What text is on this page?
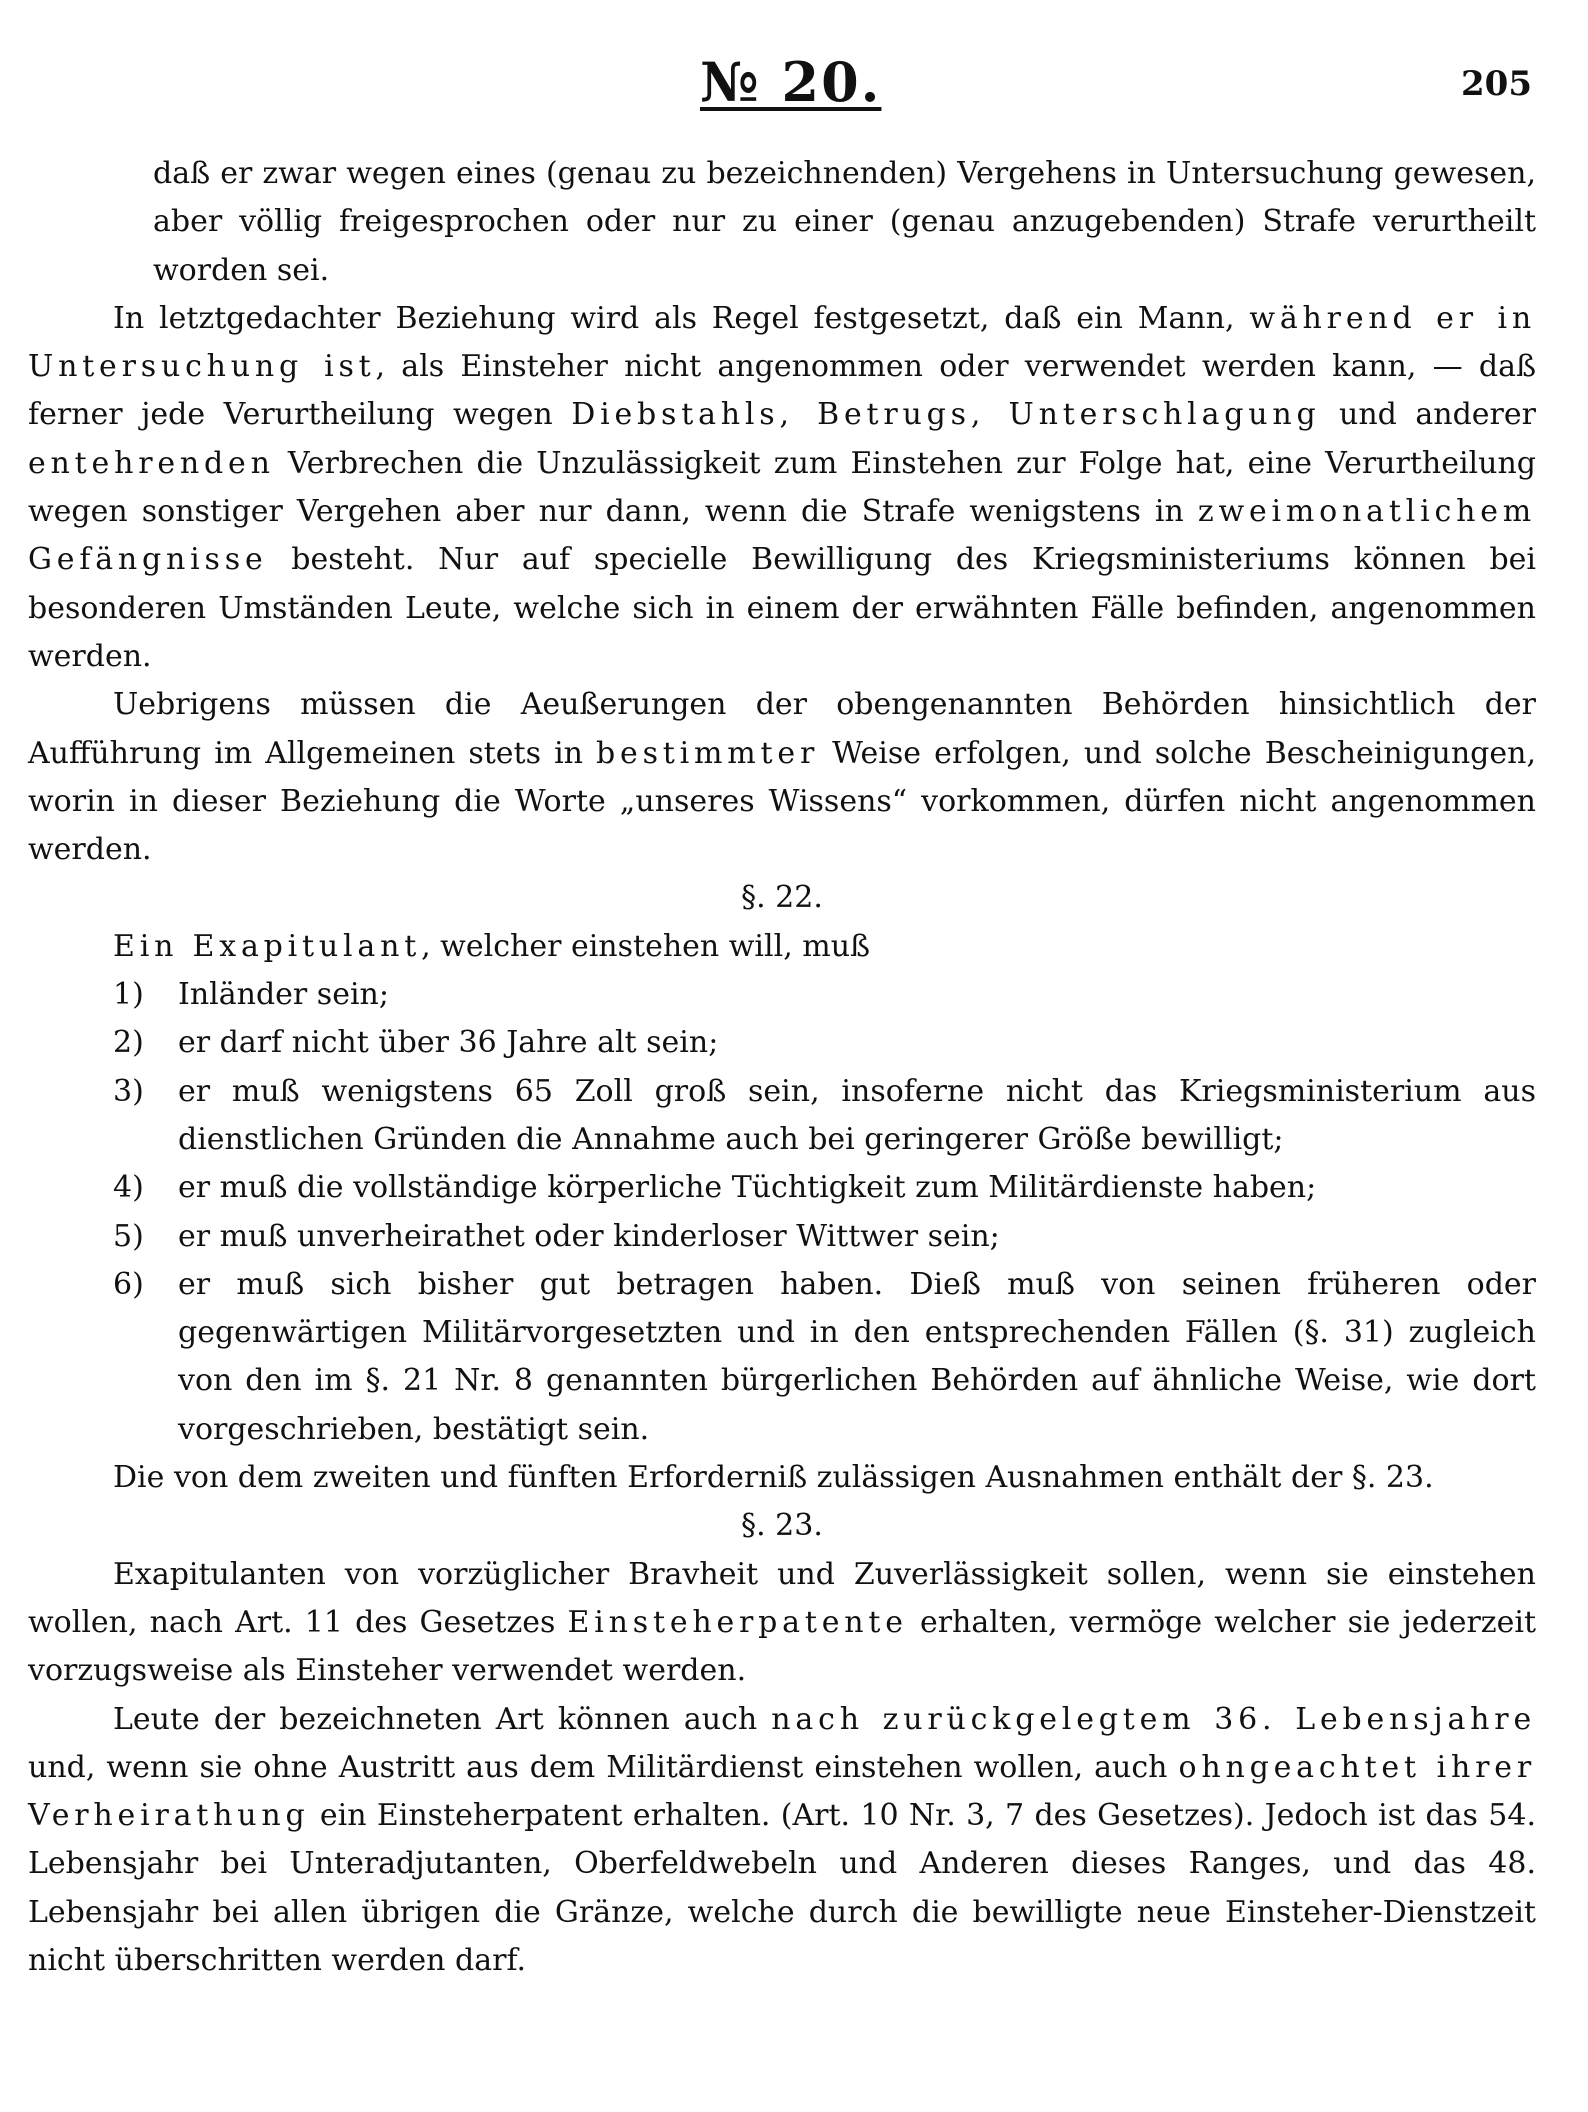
№ 20.	205

daß er zwar wegen eines (genau zu bezeichnenden) Vergehens in Untersuchung gewesen, aber völlig freigesprochen oder nur zu einer (genau anzugebenden) Strafe verurtheilt worden sei.

In letztgedachter Beziehung wird als Regel festgesetzt, daß ein Mann, während er in Untersuchung ist, als Einsteher nicht angenommen oder verwendet werden kann, — daß ferner jede Verurtheilung wegen Diebstahls, Betrugs, Unterschlagung und anderer entehrenden Verbrechen die Unzulässigkeit zum Einstehen zur Folge hat, eine Verurtheilung wegen sonstiger Vergehen aber nur dann, wenn die Strafe wenigstens in zweimonatlichem Gefängnisse besteht. Nur auf specielle Bewilligung des Kriegsministeriums können bei besonderen Umständen Leute, welche sich in einem der erwähnten Fälle befinden, angenommen werden.

Uebrigens müssen die Aeußerungen der obengenannten Behörden hinsichtlich der Aufführung im Allgemeinen stets in bestimmter Weise erfolgen, und solche Bescheinigungen, worin in dieser Beziehung die Worte „unseres Wissens“ vorkommen, dürfen nicht angenommen werden.

§. 22.

Ein Exapitulant, welcher einstehen will, muß

1) Inländer sein;
2) er darf nicht über 36 Jahre alt sein;
3) er muß wenigstens 65 Zoll groß sein, insoferne nicht das Kriegsministerium aus dienstlichen Gründen die Annahme auch bei geringerer Größe bewilligt;
4) er muß die vollständige körperliche Tüchtigkeit zum Militärdienste haben;
5) er muß unverheirathet oder kinderloser Wittwer sein;
6) er muß sich bisher gut betragen haben. Dieß muß von seinen früheren oder gegenwärtigen Militärvorgesetzten und in den entsprechenden Fällen (§. 31) zugleich von den im §. 21 Nr. 8 genannten bürgerlichen Behörden auf ähnliche Weise, wie dort vorgeschrieben, bestätigt sein.

Die von dem zweiten und fünften Erforderniß zulässigen Ausnahmen enthält der §. 23.

§. 23.

Exapitulanten von vorzüglicher Bravheit und Zuverlässigkeit sollen, wenn sie einstehen wollen, nach Art. 11 des Gesetzes Einsteherpatente erhalten, vermöge welcher sie jederzeit vorzugsweise als Einsteher verwendet werden.

Leute der bezeichneten Art können auch nach zurückgelegtem 36. Lebensjahre und, wenn sie ohne Austritt aus dem Militärdienst einstehen wollen, auch ohngeachtet ihrer Verheirathung ein Einsteherpatent erhalten. (Art. 10 Nr. 3, 7 des Gesetzes). Jedoch ist das 54. Lebensjahr bei Unteradjutanten, Oberfeldwebeln und Anderen dieses Ranges, und das 48. Lebensjahr bei allen übrigen die Gränze, welche durch die bewilligte neue Einsteher-Dienstzeit nicht überschritten werden darf.
